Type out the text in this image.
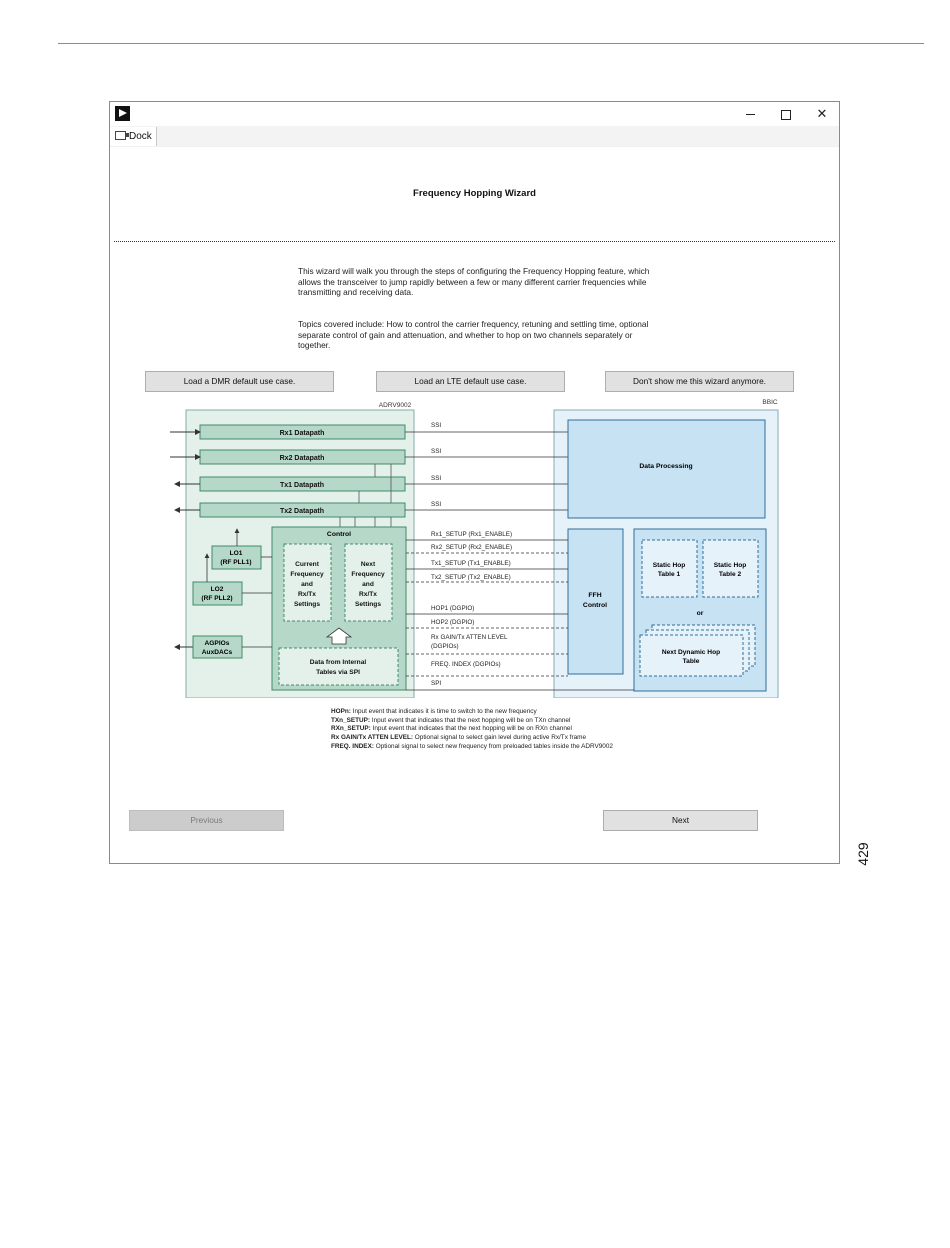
429
✕
Dock
Frequency Hopping Wizard
This wizard will walk you through the steps of configuring the Frequency Hopping feature, which allows the transceiver to jump rapidly between a few or many different carrier frequencies while transmitting and receiving data.
Topics covered include: How to control the carrier frequency, retuning and settling time, optional separate control of gain and attenuation, and whether to hop on two channels separately or together.
Load a DMR default use case.	Load an LTE default use case.	Don't show me this wizard anymore.
ADRV9002	BBIC
Rx1 Datapath
Rx2 Datapath
Tx1 Datapath
Tx2 Datapath
SSI
SSI
SSI
SSI
Control
Current
Frequency
and
Rx/Tx
Settings
Next
Frequency
and
Rx/Tx
Settings
Data from Internal
Tables via SPI
LO1
(RF PLL1)
LO2
(RF PLL2)
AGPIOs
AuxDACs
Data Processing
FFH
Control
Static Hop
Table 1
Static Hop
Table 2
or
Next Dynamic Hop
Table
Rx1_SETUP (Rx1_ENABLE)
Rx2_SETUP (Rx2_ENABLE)
Tx1_SETUP (Tx1_ENABLE)
Tx2_SETUP (Tx2_ENABLE)
HOP1 (DGPIO)
HOP2 (DGPIO)
Rx GAIN/Tx ATTEN LEVEL
(DGPIOs)
FREQ. INDEX (DGPIOs)
SPI
HOPn: Input event that indicates it is time to switch to the new frequency
TXn_SETUP: Input event that indicates that the next hopping will be on TXn channel
RXn_SETUP: Input event that indicates that the next hopping will be on RXn channel
Rx GAIN/Tx ATTEN LEVEL: Optional signal to select gain level during active Rx/Tx frame
FREQ. INDEX: Optional signal to select new frequency from preloaded tables inside the ADRV9002
Previous	Next
